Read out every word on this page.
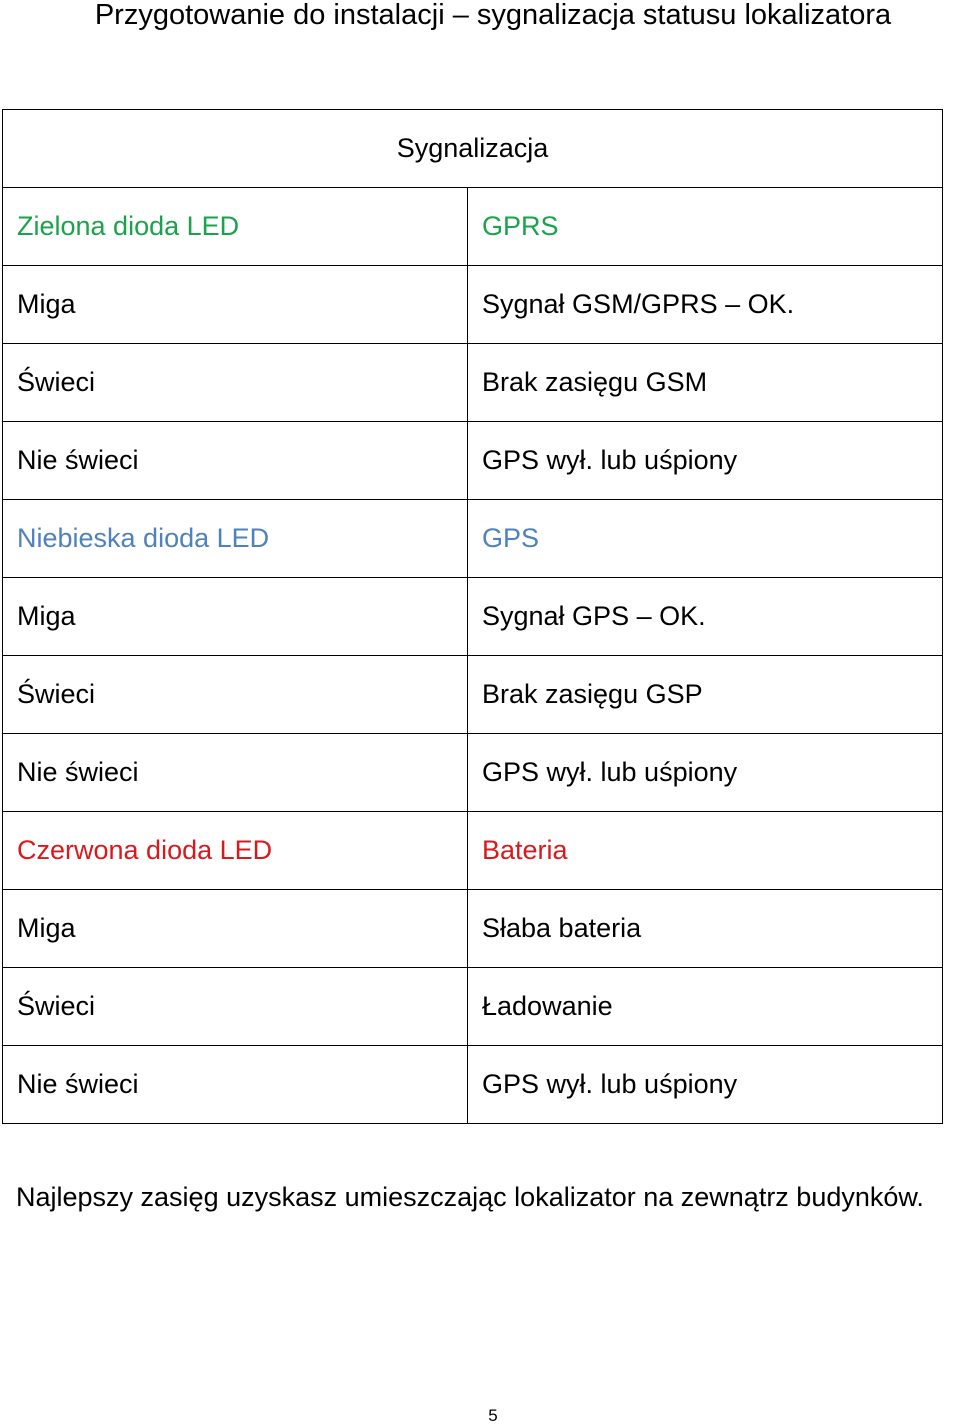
Przygotowanie do instalacji – sygnalizacja statusu lokalizatora
Sygnalizacja	
Zielona dioda LED	GPRS
Miga	Sygnał GSM/GPRS – OK.
Świeci	Brak zasięgu GSM
Nie świeci	GPS wył. lub uśpiony
Niebieska dioda LED	GPS
Miga	Sygnał GPS – OK.
Świeci	Brak zasięgu GSP
Nie świeci	GPS wył. lub uśpiony
Czerwona dioda LED	Bateria
Miga	Słaba bateria
Świeci	Ładowanie
Nie świeci	GPS wył. lub uśpiony
Najlepszy zasięg uzyskasz umieszczając lokalizator na zewnątrz budynków.
5
